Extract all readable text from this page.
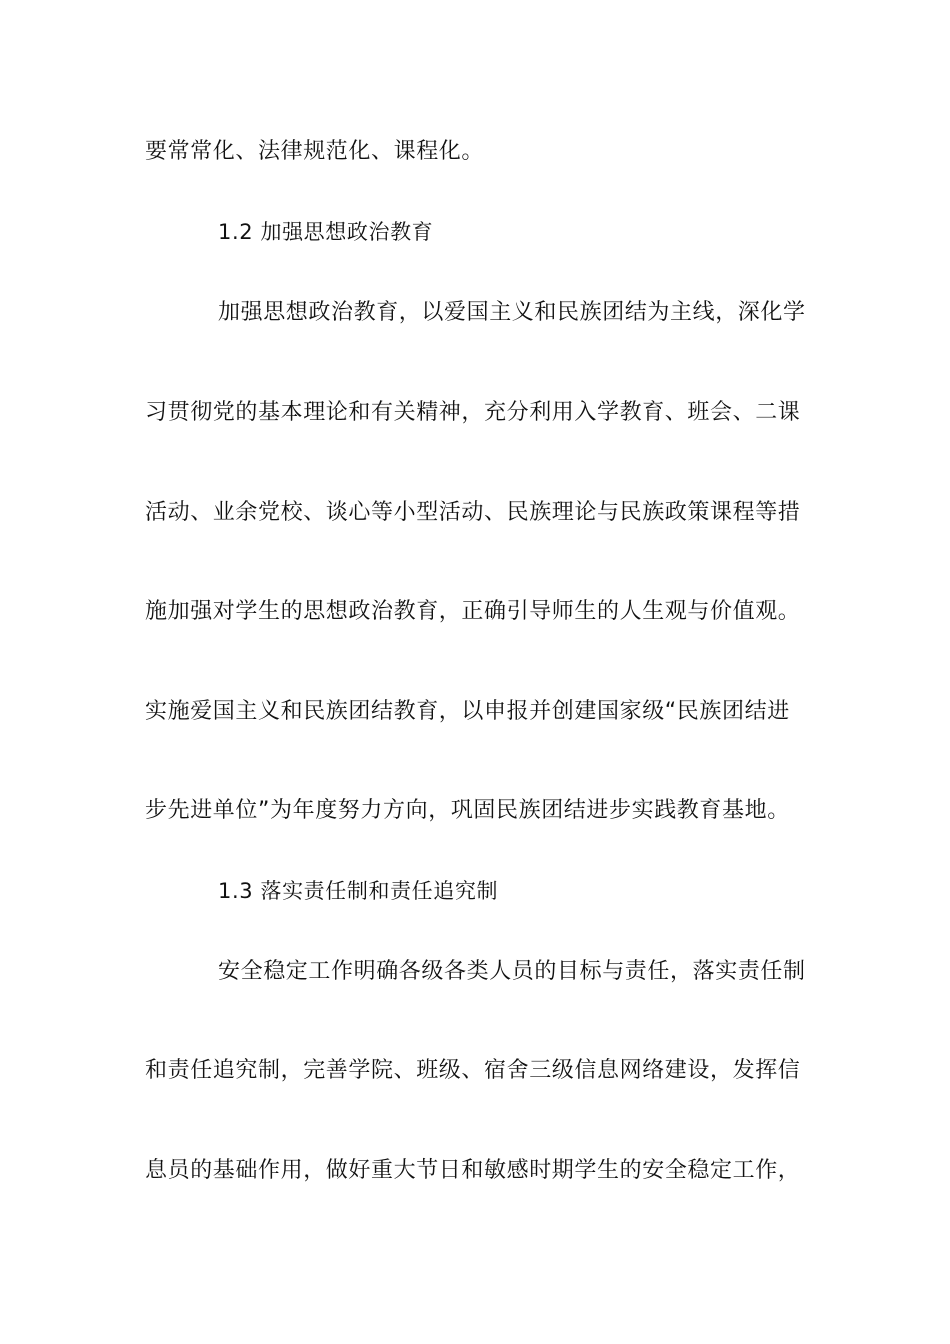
要常常化、法律规范化、课程化。
1.2 加强思想政治教育
加强思想政治教育，以爱国主义和民族团结为主线，深化学
习贯彻党的基本理论和有关精神，充分利用入学教育、班会、二课
活动、业余党校、谈心等小型活动、民族理论与民族政策课程等措
施加强对学生的思想政治教育，正确引导师生的人生观与价值观。
实施爱国主义和民族团结教育，以申报并创建国家级“民族团结进
步先进单位”为年度努力方向，巩固民族团结进步实践教育基地。
1.3 落实责任制和责任追究制
安全稳定工作明确各级各类人员的目标与责任，落实责任制
和责任追究制，完善学院、班级、宿舍三级信息网络建设，发挥信
息员的基础作用，做好重大节日和敏感时期学生的安全稳定工作，
